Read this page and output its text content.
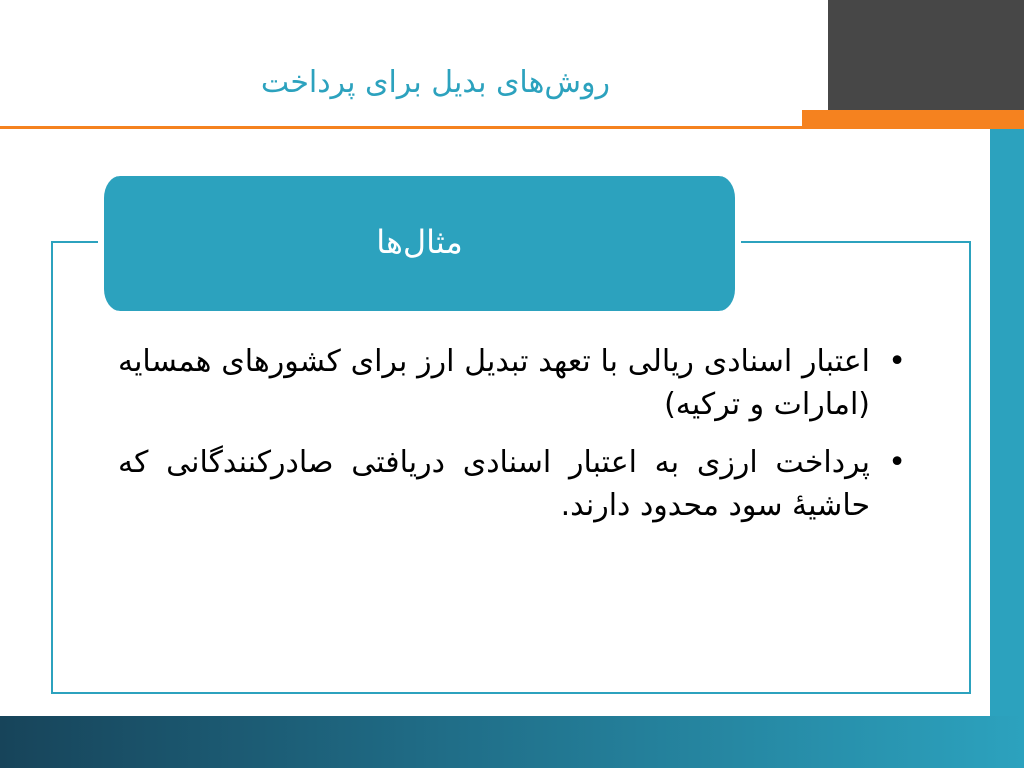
روش‌های بدیل برای پرداخت
مثال‌ها
•
اعتبار اسنادی ریالی با تعهد تبدیل ارز برای کشورهای همسایه (امارات و ترکیه)
•
پرداخت ارزی به اعتبار اسنادی دریافتی صادرکنندگانی که حاشیۀ سود محدود دارند.
